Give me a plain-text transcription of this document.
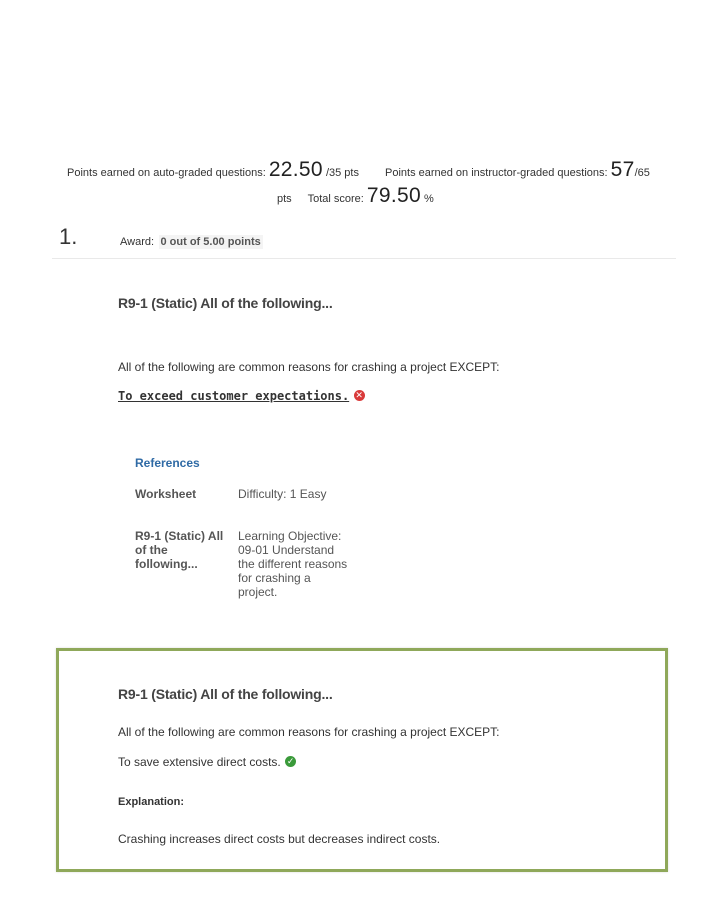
Points earned on auto-graded questions: 22.50 /35 pts Points earned on instructor-graded questions: 57/65
pts Total score: 79.50 %
1.	Award: 0 out of 5.00 points
R9-1 (Static) All of the following...
All of the following are common reasons for crashing a project EXCEPT:
To exceed customer expectations. ✕
References
Worksheet	Difficulty: 1 Easy
R9-1 (Static) All
of the
following...
Learning Objective:
09-01 Understand
the different reasons
for crashing a
project.
R9-1 (Static) All of the following...
All of the following are common reasons for crashing a project EXCEPT:
To save extensive direct costs. ✓
Explanation:
Crashing increases direct costs but decreases indirect costs.
